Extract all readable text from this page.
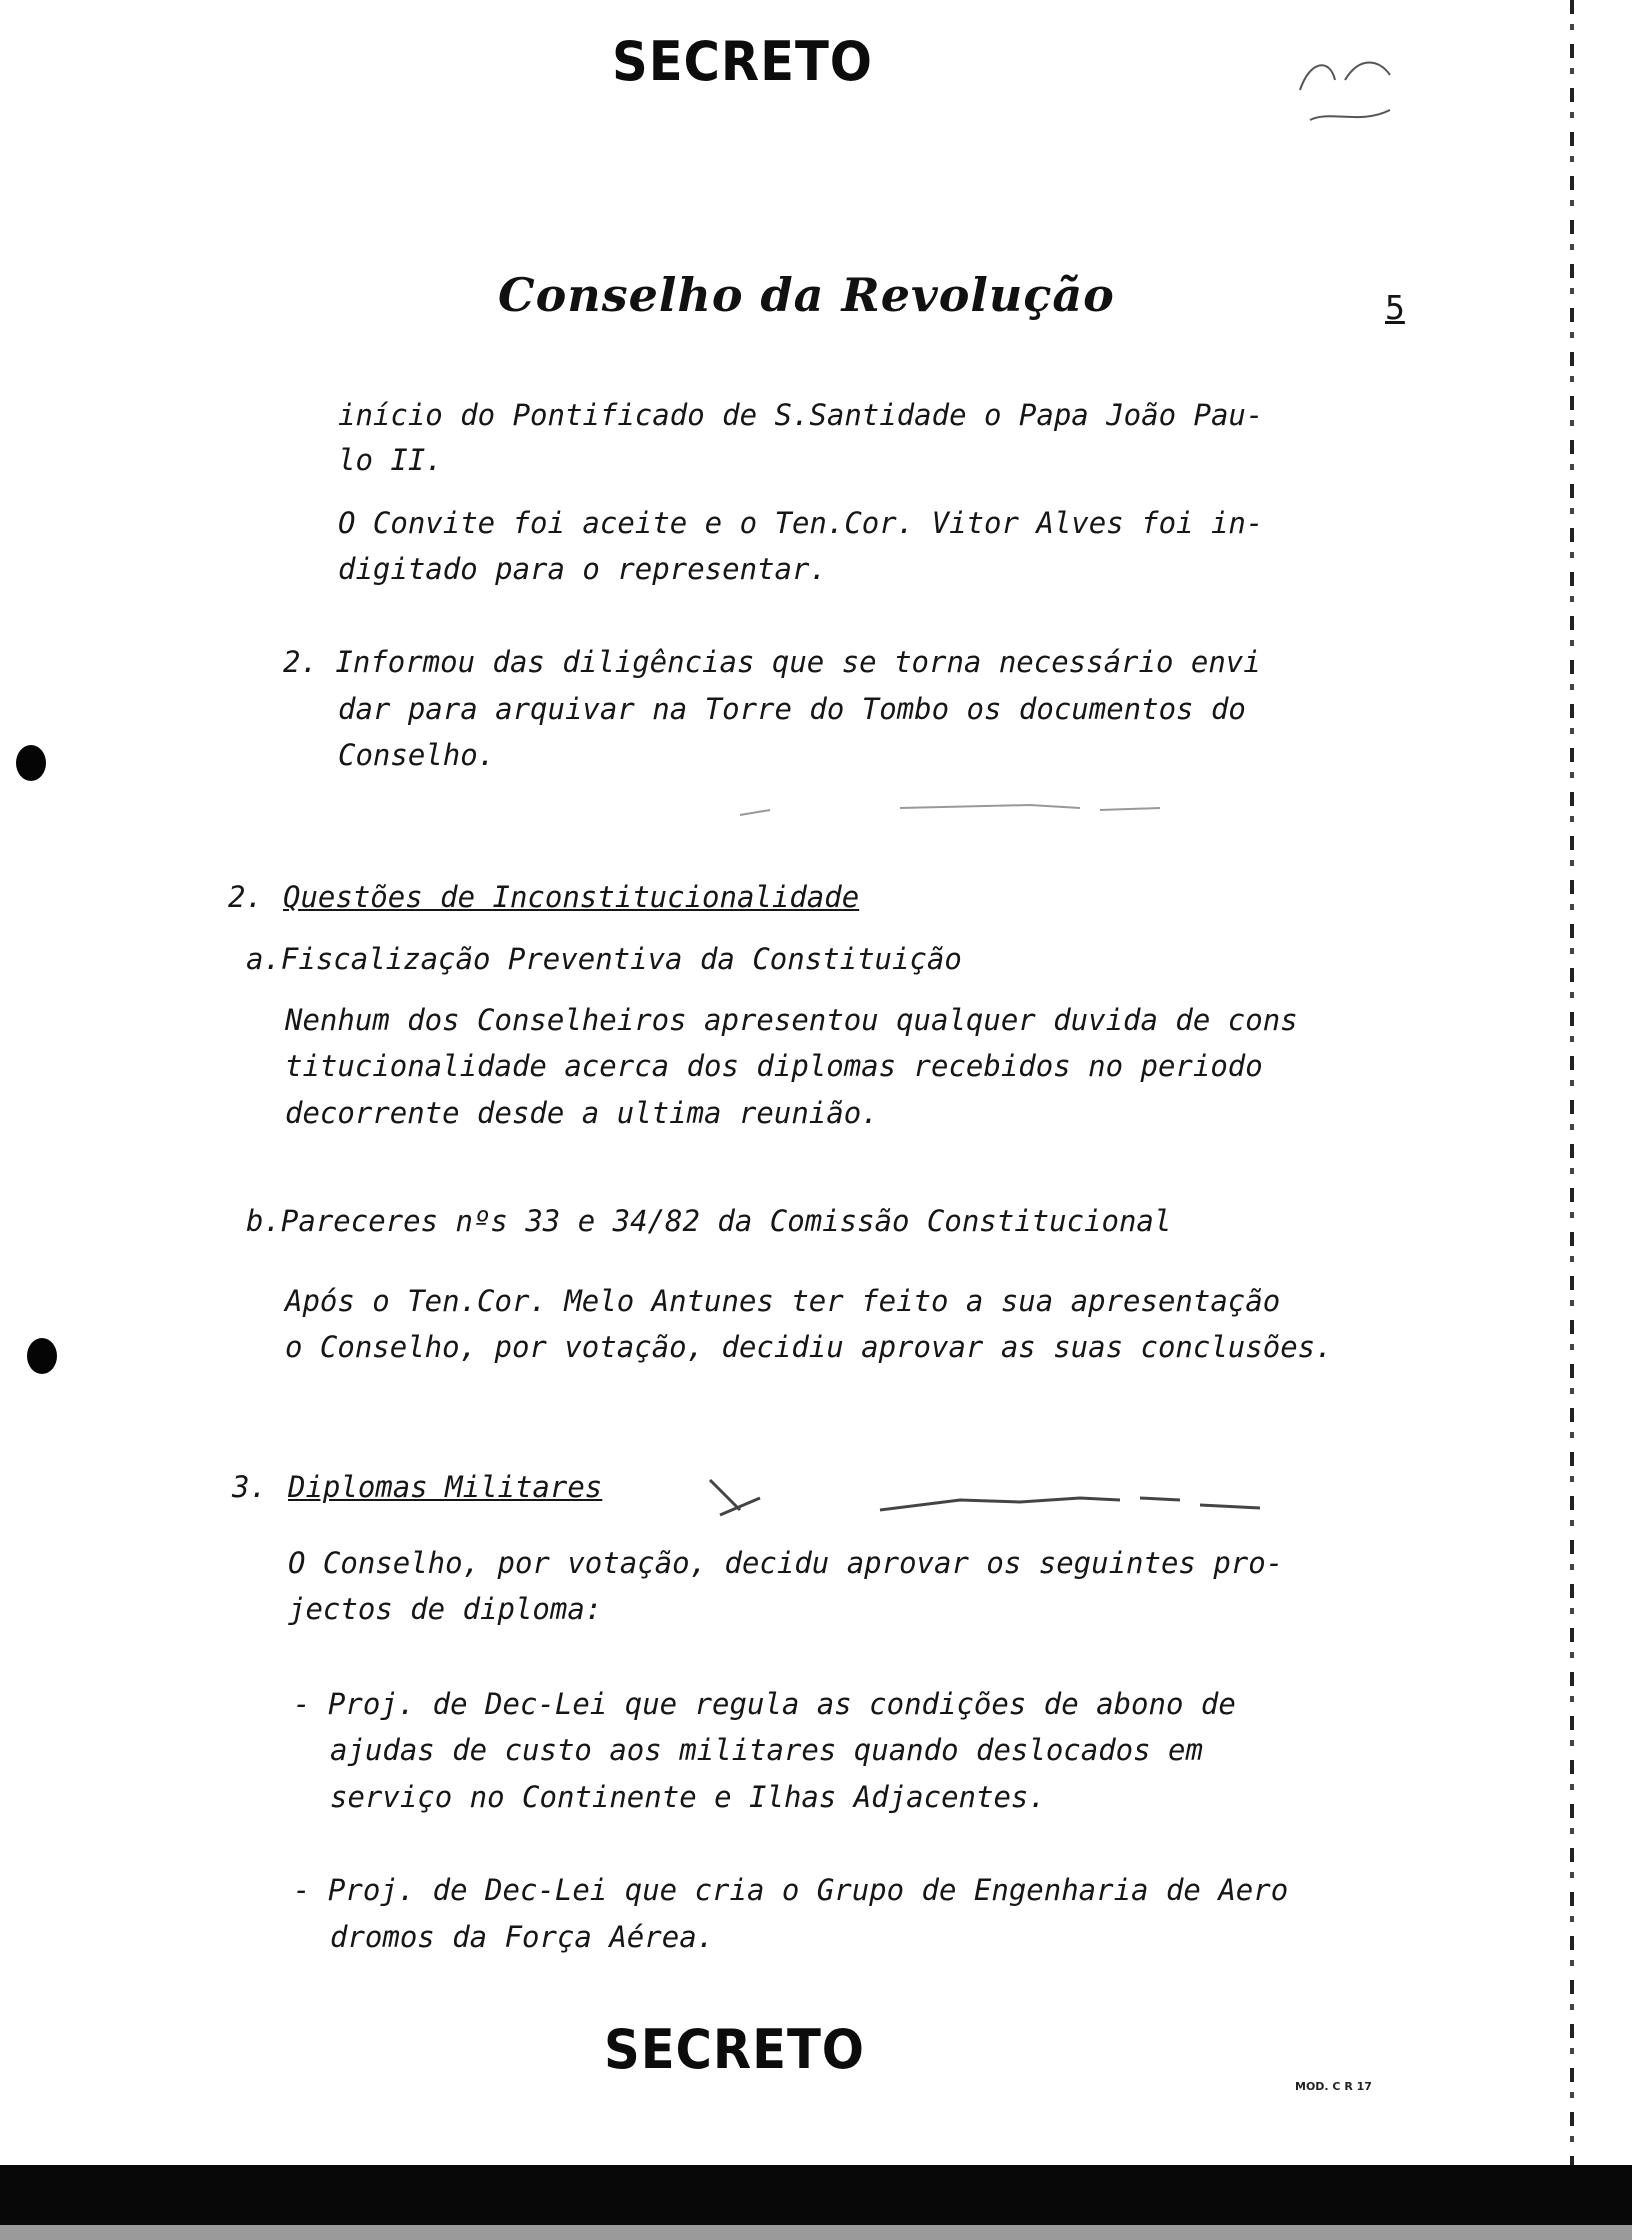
SECRETO
Conselho da Revolução	5
início do Pontificado de S.Santidade o Papa João Pau-
lo II.
O Convite foi aceite e o Ten.Cor. Vitor Alves foi in-
digitado para o representar.
2. Informou das diligências que se torna necessário envi
dar para arquivar na Torre do Tombo os documentos do
Conselho.
2. Questões de Inconstitucionalidade
a.Fiscalização Preventiva da Constituição
Nenhum dos Conselheiros apresentou qualquer duvida de cons
titucionalidade acerca dos diplomas recebidos no periodo
decorrente desde a ultima reunião.
b.Pareceres nºs 33 e 34/82 da Comissão Constitucional
Após o Ten.Cor. Melo Antunes ter feito a sua apresentação
o Conselho, por votação, decidiu aprovar as suas conclusões.
3. Diplomas Militares
O Conselho, por votação, decidu aprovar os seguintes pro-
jectos de diploma:
- Proj. de Dec-Lei que regula as condições de abono de
ajudas de custo aos militares quando deslocados em
serviço no Continente e Ilhas Adjacentes.
- Proj. de Dec-Lei que cria o Grupo de Engenharia de Aero
dromos da Força Aérea.
SECRETO
MOD. C R 17
